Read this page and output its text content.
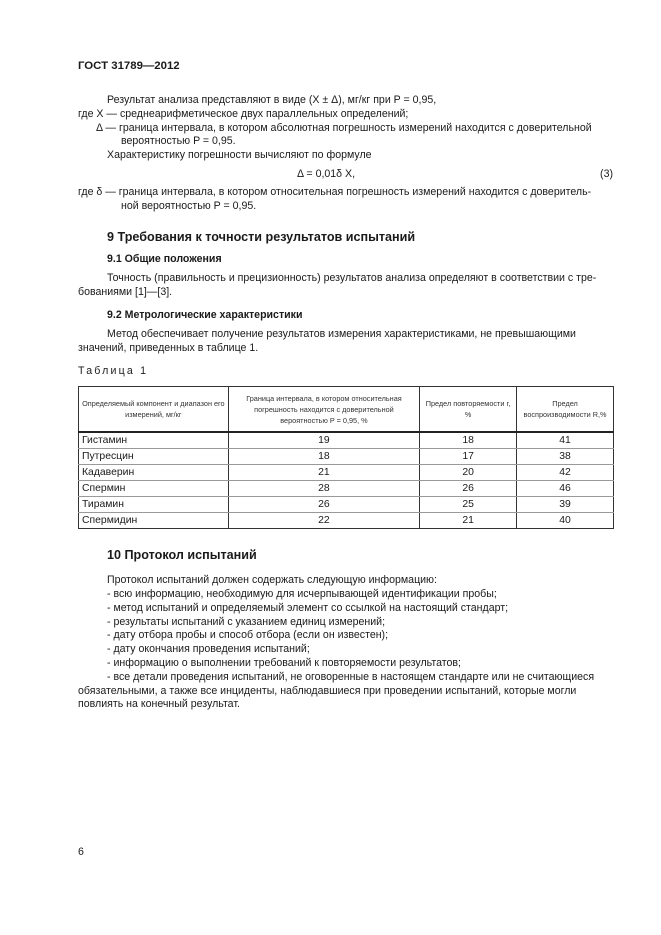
ГОСТ 31789—2012
Результат анализа представляют в виде (X ± Δ), мг/кг при P = 0,95,
где X — среднеарифметическое двух параллельных определений;
Δ — граница интервала, в котором абсолютная погрешность измерений находится с доверительной
вероятностью P = 0,95.
Характеристику погрешности вычисляют по формуле
Δ = 0,01δ X,	(3)
где δ — граница интервала, в котором относительная погрешность измерений находится с доверитель-
ной вероятностью P = 0,95.
9 Требования к точности результатов испытаний
9.1 Общие положения
Точность (правильность и прецизионность) результатов анализа определяют в соответствии с тре-
бованиями [1]—[3].
9.2 Метрологические характеристики
Метод обеспечивает получение результатов измерения характеристиками, не превышающими
значений, приведенных в таблице 1.
Таблица 1
Определяемый компонент и диапазон его измерений, мг/кг	Граница интервала, в котором относительная погрешность находится с доверительной вероятностью P = 0,95, %	Предел повторяемости r, %	Предел воспроизводимости R,%
Гистамин	19	18	41
Путресцин	18	17	38
Кадаверин	21	20	42
Спермин	28	26	46
Тирамин	26	25	39
Спермидин	22	21	40
10 Протокол испытаний
Протокол испытаний должен содержать следующую информацию:
- всю информацию, необходимую для исчерпывающей идентификации пробы;
- метод испытаний и определяемый элемент со ссылкой на настоящий стандарт;
- результаты испытаний с указанием единиц измерений;
- дату отбора пробы и способ отбора (если он известен);
- дату окончания проведения испытаний;
- информацию о выполнении требований к повторяемости результатов;
- все детали проведения испытаний, не оговоренные в настоящем стандарте или не считающиеся
обязательными, а также все инциденты, наблюдавшиеся при проведении испытаний, которые могли
повлиять на конечный результат.
6
